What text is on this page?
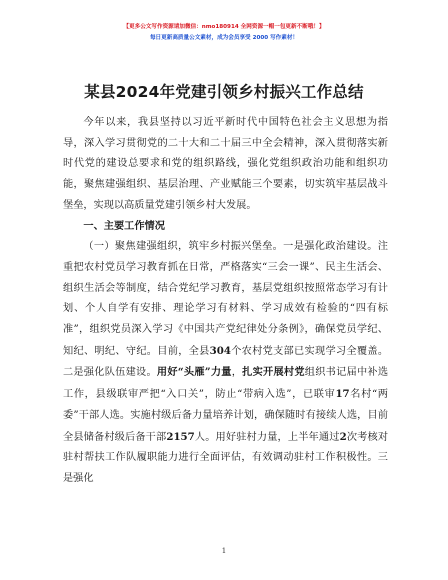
【更多公文写作资源请加微信：nmo180914 全网资源一帽一包更新不断哦！】
每日更新高质量公文素材，成为会员享受 2000 写作素材！
某县2024年党建引领乡村振兴工作总结

今年以来，我县坚持以习近平新时代中国特色社会主义思想为指导，深入学习贯彻党的二十大和二十届三中全会精神，深入贯彻落实新时代党的建设总要求和党的组织路线，强化党组织政治功能和组织功能，聚焦建强组织、基层治理、产业赋能三个要素，切实筑牢基层战斗堡垒，实现以高质量党建引领乡村大发展。

一、主要工作情况

（一）聚焦建强组织，筑牢乡村振兴堡垒。一是强化政治建设。注重把农村党员学习教育抓在日常，严格落实“三会一课”、民主生活会、组织生活会等制度，结合党纪学习教育，基层党组织按照常态学习有计划、个人自学有安排、理论学习有材料、学习成效有检验的“四有标准”，组织党员深入学习《中国共产党纪律处分条例》，确保党员学纪、知纪、明纪、守纪。目前，全县304个农村党支部已实现学习全覆盖。二是强化队伍建设。用好“头雁”力量，扎实开展村党组织书记届中补选工作，县级联审严把“入口关”，防止“带病入选”，已联审17名村“两委”干部人选。实施村级后备力量培养计划，确保随时有接续人选，目前全县储备村级后备干部2157人。用好驻村力量，上半年通过2次考核对驻村帮扶工作队履职能力进行全面评估，有效调动驻村工作积极性。三是强化

1
